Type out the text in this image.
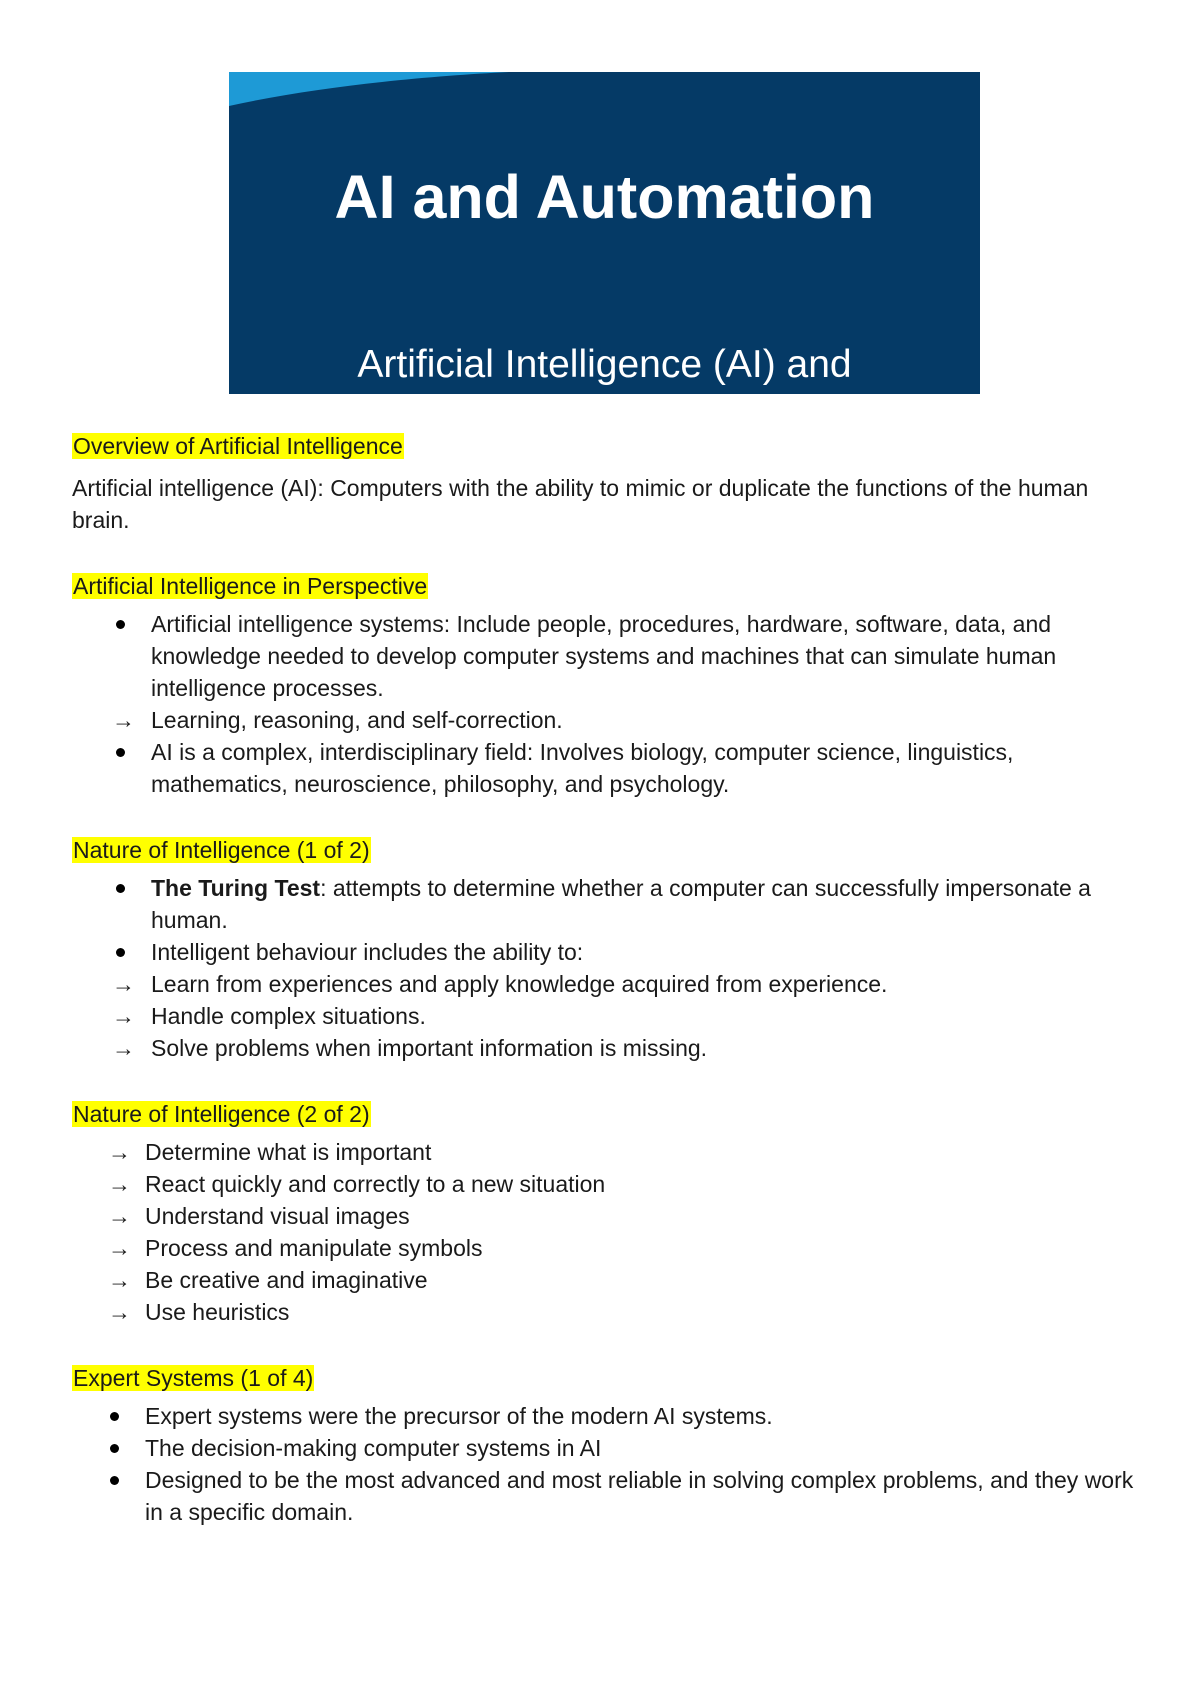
AI and Automation
Artificial Intelligence (AI) and
Automation

Overview of Artificial Intelligence

Artificial intelligence (AI): Computers with the ability to mimic or duplicate the functions of the human brain.

Artificial Intelligence in Perspective

Artificial intelligence systems: Include people, procedures, hardware, software, data, and knowledge needed to develop computer systems and machines that can simulate human intelligence processes.
→ Learning, reasoning, and self-correction.
AI is a complex, interdisciplinary field: Involves biology, computer science, linguistics, mathematics, neuroscience, philosophy, and psychology.

Nature of Intelligence (1 of 2)

The Turing Test: attempts to determine whether a computer can successfully impersonate a human.
Intelligent behaviour includes the ability to:
→ Learn from experiences and apply knowledge acquired from experience.
→ Handle complex situations.
→ Solve problems when important information is missing.

Nature of Intelligence (2 of 2)

→ Determine what is important
→ React quickly and correctly to a new situation
→ Understand visual images
→ Process and manipulate symbols
→ Be creative and imaginative
→ Use heuristics

Expert Systems (1 of 4)

Expert systems were the precursor of the modern AI systems.
The decision-making computer systems in AI
Designed to be the most advanced and most reliable in solving complex problems, and they work in a specific domain.
